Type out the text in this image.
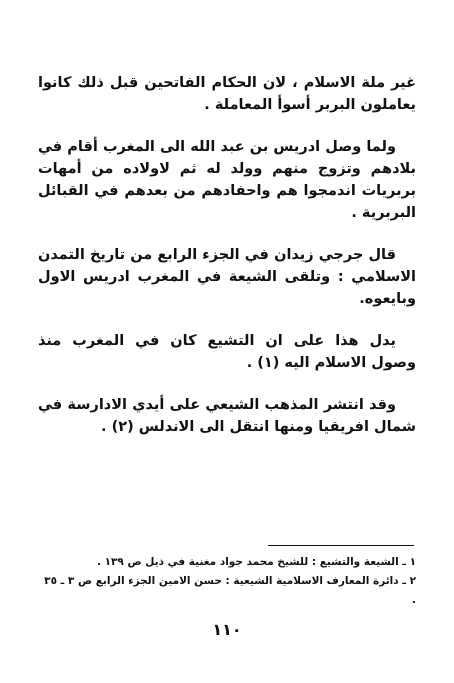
غير ملة الاسلام ، لان الحكام الفاتحين قبل ذلك كانوا يعاملون البربر أسوأ المعاملة .

ولما وصل ادريس بن عبد الله الى المغرب أقام في بلادهم وتزوج منهم وولد له ثم لاولاده من أمهات بربريات اندمجوا هم واحفادهم من بعدهم في القبائل البربرية .

قال جرجي زيدان في الجزء الرابع من تاريخ التمدن الاسلامي : وتلقى الشيعة في المغرب ادريس الاول وبايعوه.

يدل هذا على ان التشيع كان في المغرب منذ وصول الاسلام اليه (١) .

وقد انتشر المذهب الشيعي على أيدي الادارسة في شمال افريقيا ومنها انتقل الى الاندلس (٢) .

١ ـ الشيعة والتشيع : للشيخ محمد جواد مغنية في ذيل ص ١٣٩ .

٢ ـ دائرة المعارف الاسلامية الشيعية : حسن الامين الجزء الرابع ص ٣ ـ ٣٥ .

١١٠
